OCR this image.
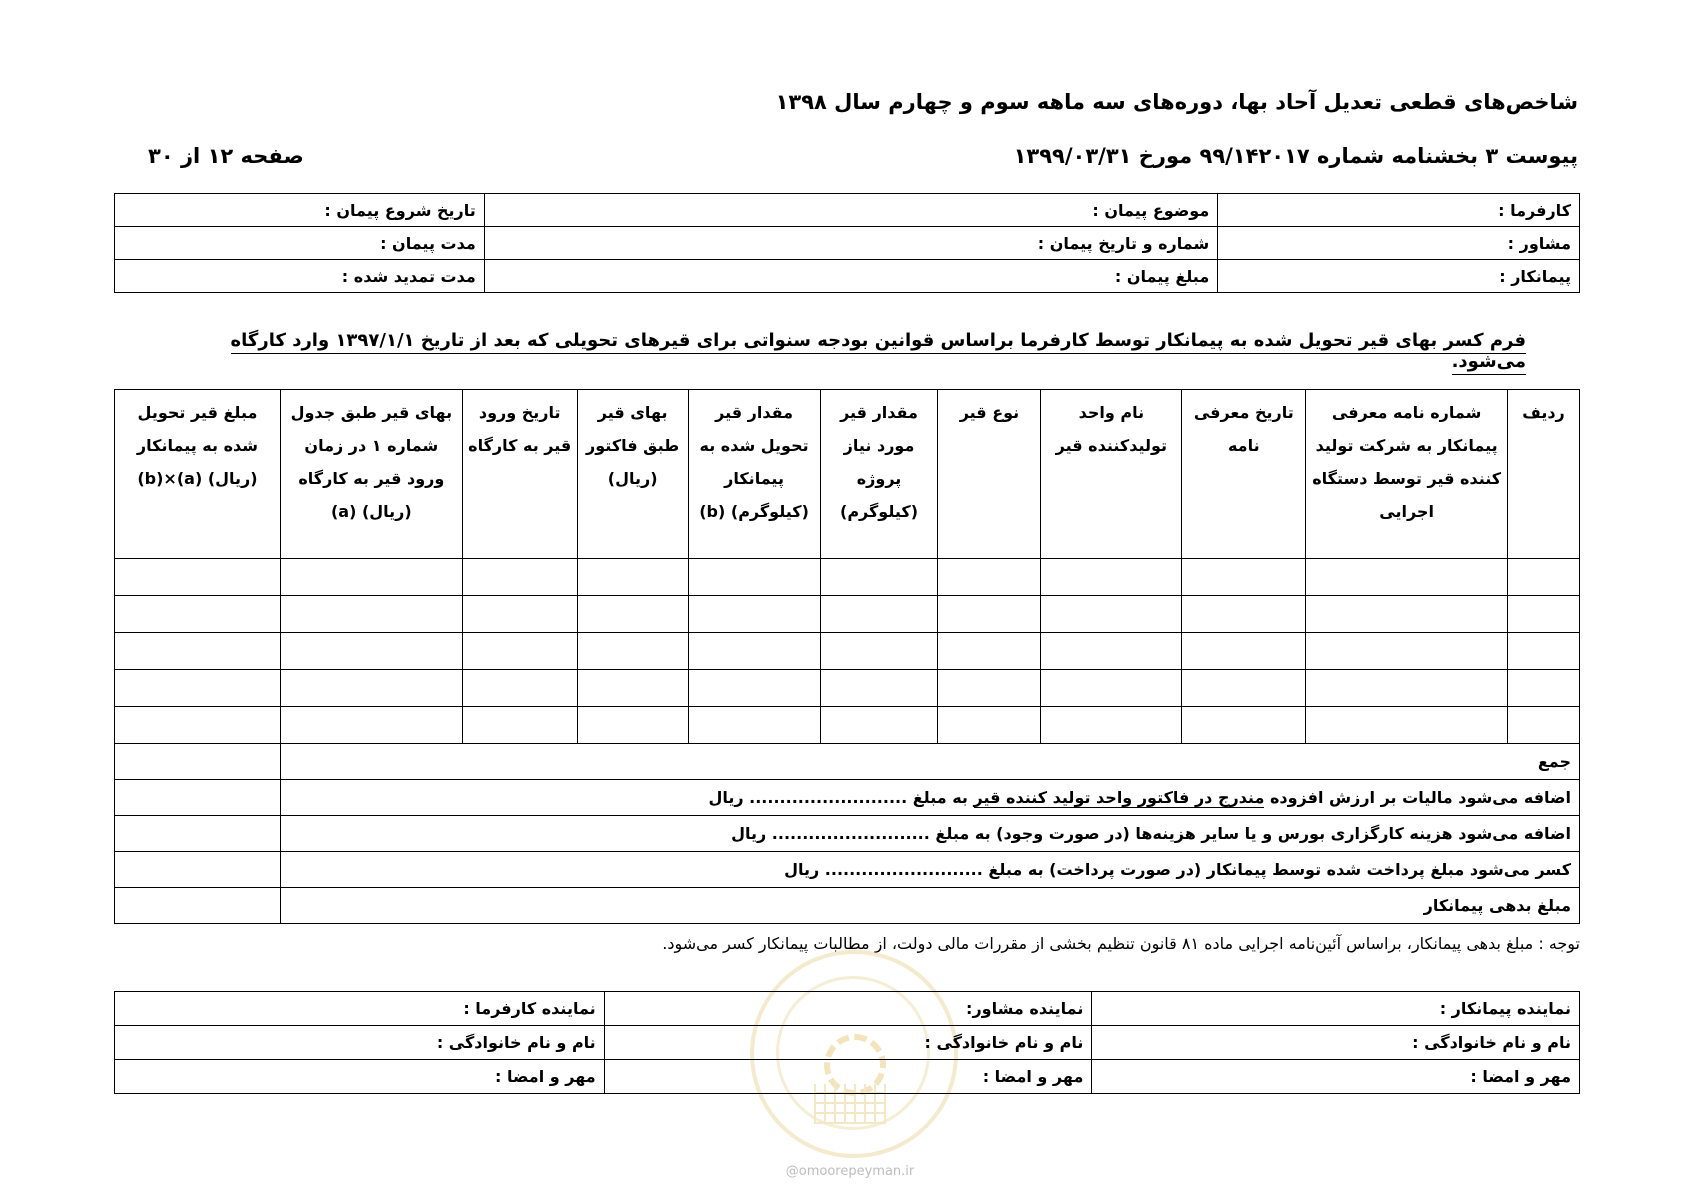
شاخص‌های قطعی تعدیل آحاد بها، دوره‌های سه ماهه سوم و چهارم سال ۱۳۹۸
پیوست ۳ بخشنامه شماره ۹۹/۱۴۲۰۱۷ مورخ ۱۳۹۹/۰۳/۳۱
صفحه ۱۲ از ۳۰
کارفرما :	موضوع پیمان :	تاریخ شروع پیمان :
مشاور :	شماره و تاریخ پیمان :	مدت پیمان :
پیمانکار :	مبلغ پیمان :	مدت تمدید شده :
فرم کسر بهای قیر تحویل شده به پیمانکار توسط کارفرما براساس قوانین بودجه سنواتی برای قیرهای تحویلی که بعد از تاریخ ۱۳۹۷/۱/۱ وارد کارگاه می‌شود.
ردیف	شماره نامه معرفی پیمانکار به شرکت تولید کننده قیر توسط دستگاه اجرایی	تاریخ معرفی نامه	نام واحد تولیدکننده قیر	نوع قیر	مقدار قیر مورد نیاز پروژه (کیلوگرم)	مقدار قیر تحویل شده به پیمانکار (کیلوگرم) (b)	بهای قیر طبق فاکتور (ریال)	تاریخ ورود قیر به کارگاه	بهای قیر طبق جدول شماره ۱ در زمان ورود قیر به کارگاه (ریال) (a)	مبلغ قیر تحویل شده به پیمانکار (ریال) (a)×(b)

جمع										
اضافه می‌شود مالیات بر ارزش افزوده مندرج در فاکتور واحد تولید کننده قیر به مبلغ .......................... ریال										
اضافه می‌شود هزینه کارگزاری بورس و یا سایر هزینه‌ها (در صورت وجود) به مبلغ .......................... ریال										
کسر می‌شود مبلغ پرداخت شده توسط پیمانکار (در صورت پرداخت) به مبلغ .......................... ریال										
مبلغ بدهی پیمانکار										
توجه : مبلغ بدهی پیمانکار، براساس آئین‌نامه اجرایی ماده ۸۱ قانون تنظیم بخشی از مقررات مالی دولت، از مطالبات پیمانکار کسر می‌شود.
نماینده پیمانکار :	نماینده مشاور:	نماینده کارفرما :
نام و نام خانوادگی :	نام و نام خانوادگی :	نام و نام خانوادگی :
مهر و امضا :	مهر و امضا :	مهر و امضا :
@omoorepeyman.ir
